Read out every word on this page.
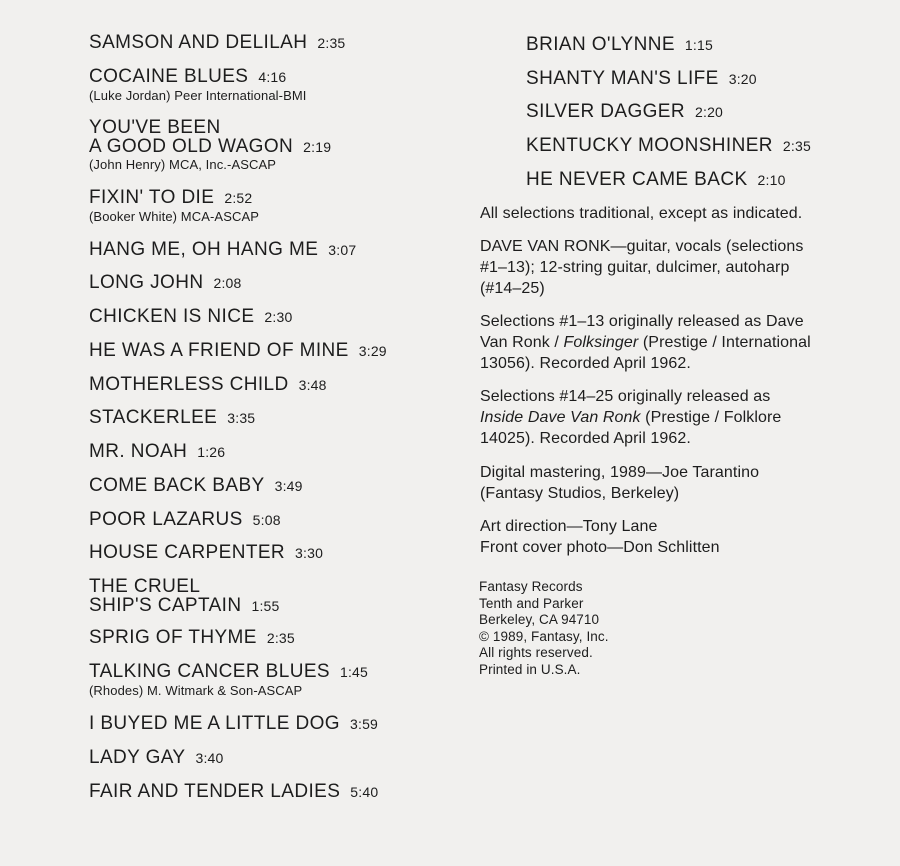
SAMSON AND DELILAH 2:35
COCAINE BLUES 4:16
(Luke Jordan) Peer International-BMI
YOU'VE BEEN
A GOOD OLD WAGON 2:19
(John Henry) MCA, Inc.-ASCAP
FIXIN' TO DIE 2:52
(Booker White) MCA-ASCAP
HANG ME, OH HANG ME 3:07
LONG JOHN 2:08
CHICKEN IS NICE 2:30
HE WAS A FRIEND OF MINE 3:29
MOTHERLESS CHILD 3:48
STACKERLEE 3:35
MR. NOAH 1:26
COME BACK BABY 3:49
POOR LAZARUS 5:08
HOUSE CARPENTER 3:30
THE CRUEL
SHIP'S CAPTAIN 1:55
SPRIG OF THYME 2:35
TALKING CANCER BLUES 1:45
(Rhodes) M. Witmark & Son-ASCAP
I BUYED ME A LITTLE DOG 3:59
LADY GAY 3:40
FAIR AND TENDER LADIES 5:40
BRIAN O'LYNNE 1:15
SHANTY MAN'S LIFE 3:20
SILVER DAGGER 2:20
KENTUCKY MOONSHINER 2:35
HE NEVER CAME BACK 2:10

All selections traditional, except as indicated.

DAVE VAN RONK—guitar, vocals (selections

#1–13); 12-string guitar, dulcimer, autoharp

(#14–25)

Selections #1–13 originally released as Dave

Van Ronk / Folksinger (Prestige / International

13056). Recorded April 1962.

Selections #14–25 originally released as

Inside Dave Van Ronk (Prestige / Folklore

14025). Recorded April 1962.

Digital mastering, 1989—Joe Tarantino

(Fantasy Studios, Berkeley)

Art direction—Tony Lane

Front cover photo—Don Schlitten

Fantasy Records
Tenth and Parker
Berkeley, CA 94710
© 1989, Fantasy, Inc.
All rights reserved.
Printed in U.S.A.
